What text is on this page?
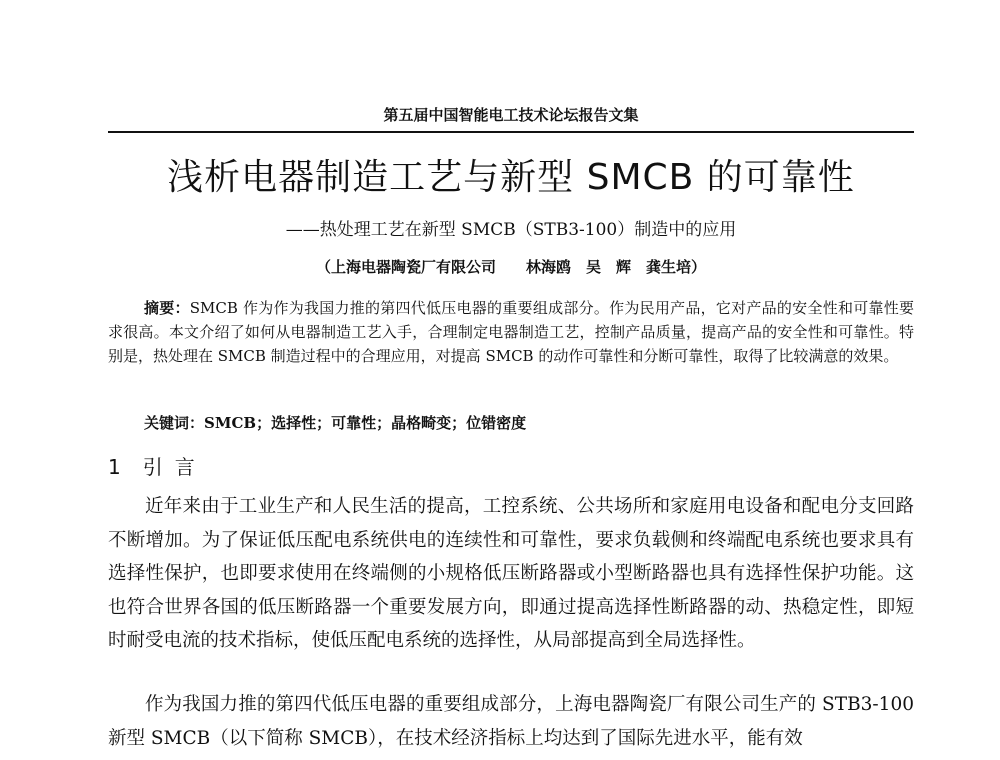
第五届中国智能电工技术论坛报告文集
浅析电器制造工艺与新型 SMCB 的可靠性
——热处理工艺在新型 SMCB（STB3-100）制造中的应用
（上海电器陶瓷厂有限公司　　林海鸥　吴　辉　龚生培）
摘要：SMCB 作为作为我国力推的第四代低压电器的重要组成部分。作为民用产品，它对产品的安全性和可靠性要求很高。本文介绍了如何从电器制造工艺入手，合理制定电器制造工艺，控制产品质量，提高产品的安全性和可靠性。特别是，热处理在 SMCB 制造过程中的合理应用，对提高 SMCB 的动作可靠性和分断可靠性，取得了比较满意的效果。
关键词：SMCB；选择性；可靠性；晶格畸变；位错密度
1 引言

近年来由于工业生产和人民生活的提高，工控系统、公共场所和家庭用电设备和配电分支回路不断增加。为了保证低压配电系统供电的连续性和可靠性，要求负载侧和终端配电系统也要求具有选择性保护，也即要求使用在终端侧的小规格低压断路器或小型断路器也具有选择性保护功能。这也符合世界各国的低压断路器一个重要发展方向，即通过提高选择性断路器的动、热稳定性，即短时耐受电流的技术指标，使低压配电系统的选择性，从局部提高到全局选择性。

作为我国力推的第四代低压电器的重要组成部分，上海电器陶瓷厂有限公司生产的 STB3-100 新型 SMCB（以下简称 SMCB），在技术经济指标上均达到了国际先进水平，能有效
